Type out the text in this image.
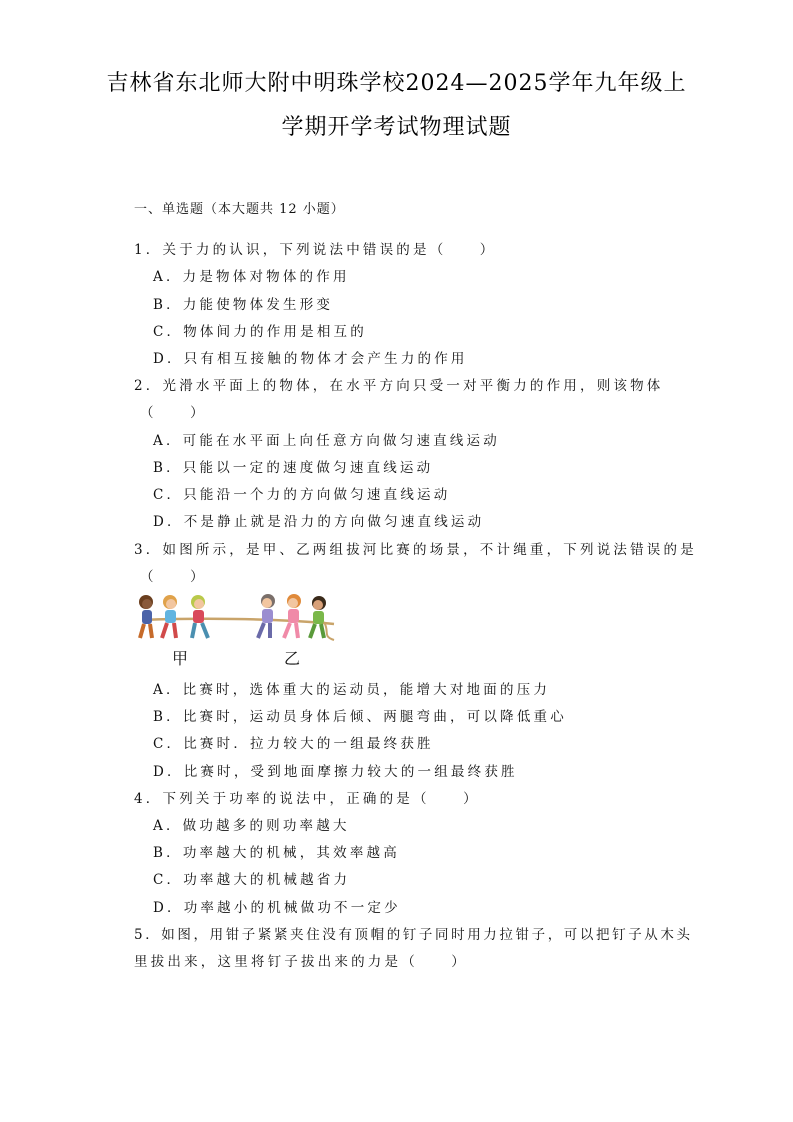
吉林省东北师大附中明珠学校2024—2025学年九年级上
学期开学考试物理试题
一、单选题（本大题共 12 小题）
1．关于力的认识，下列说法中错误的是（　　）
A．力是物体对物体的作用
B．力能使物体发生形变
C．物体间力的作用是相互的
D．只有相互接触的物体才会产生力的作用
2．光滑水平面上的物体，在水平方向只受一对平衡力的作用，则该物体
（　　）
A．可能在水平面上向任意方向做匀速直线运动
B．只能以一定的速度做匀速直线运动
C．只能沿一个力的方向做匀速直线运动
D．不是静止就是沿力的方向做匀速直线运动
3．如图所示，是甲、乙两组拔河比赛的场景，不计绳重，下列说法错误的是
（　　）
甲	乙
A．比赛时，选体重大的运动员，能增大对地面的压力
B．比赛时，运动员身体后倾、两腿弯曲，可以降低重心
C．比赛时．拉力较大的一组最终获胜
D．比赛时，受到地面摩擦力较大的一组最终获胜
4．下列关于功率的说法中，正确的是（　　）
A．做功越多的则功率越大
B．功率越大的机械，其效率越高
C．功率越大的机械越省力
D．功率越小的机械做功不一定少
5．如图，用钳子紧紧夹住没有顶帽的钉子同时用力拉钳子，可以把钉子从木头
里拔出来，这里将钉子拔出来的力是（　　）
